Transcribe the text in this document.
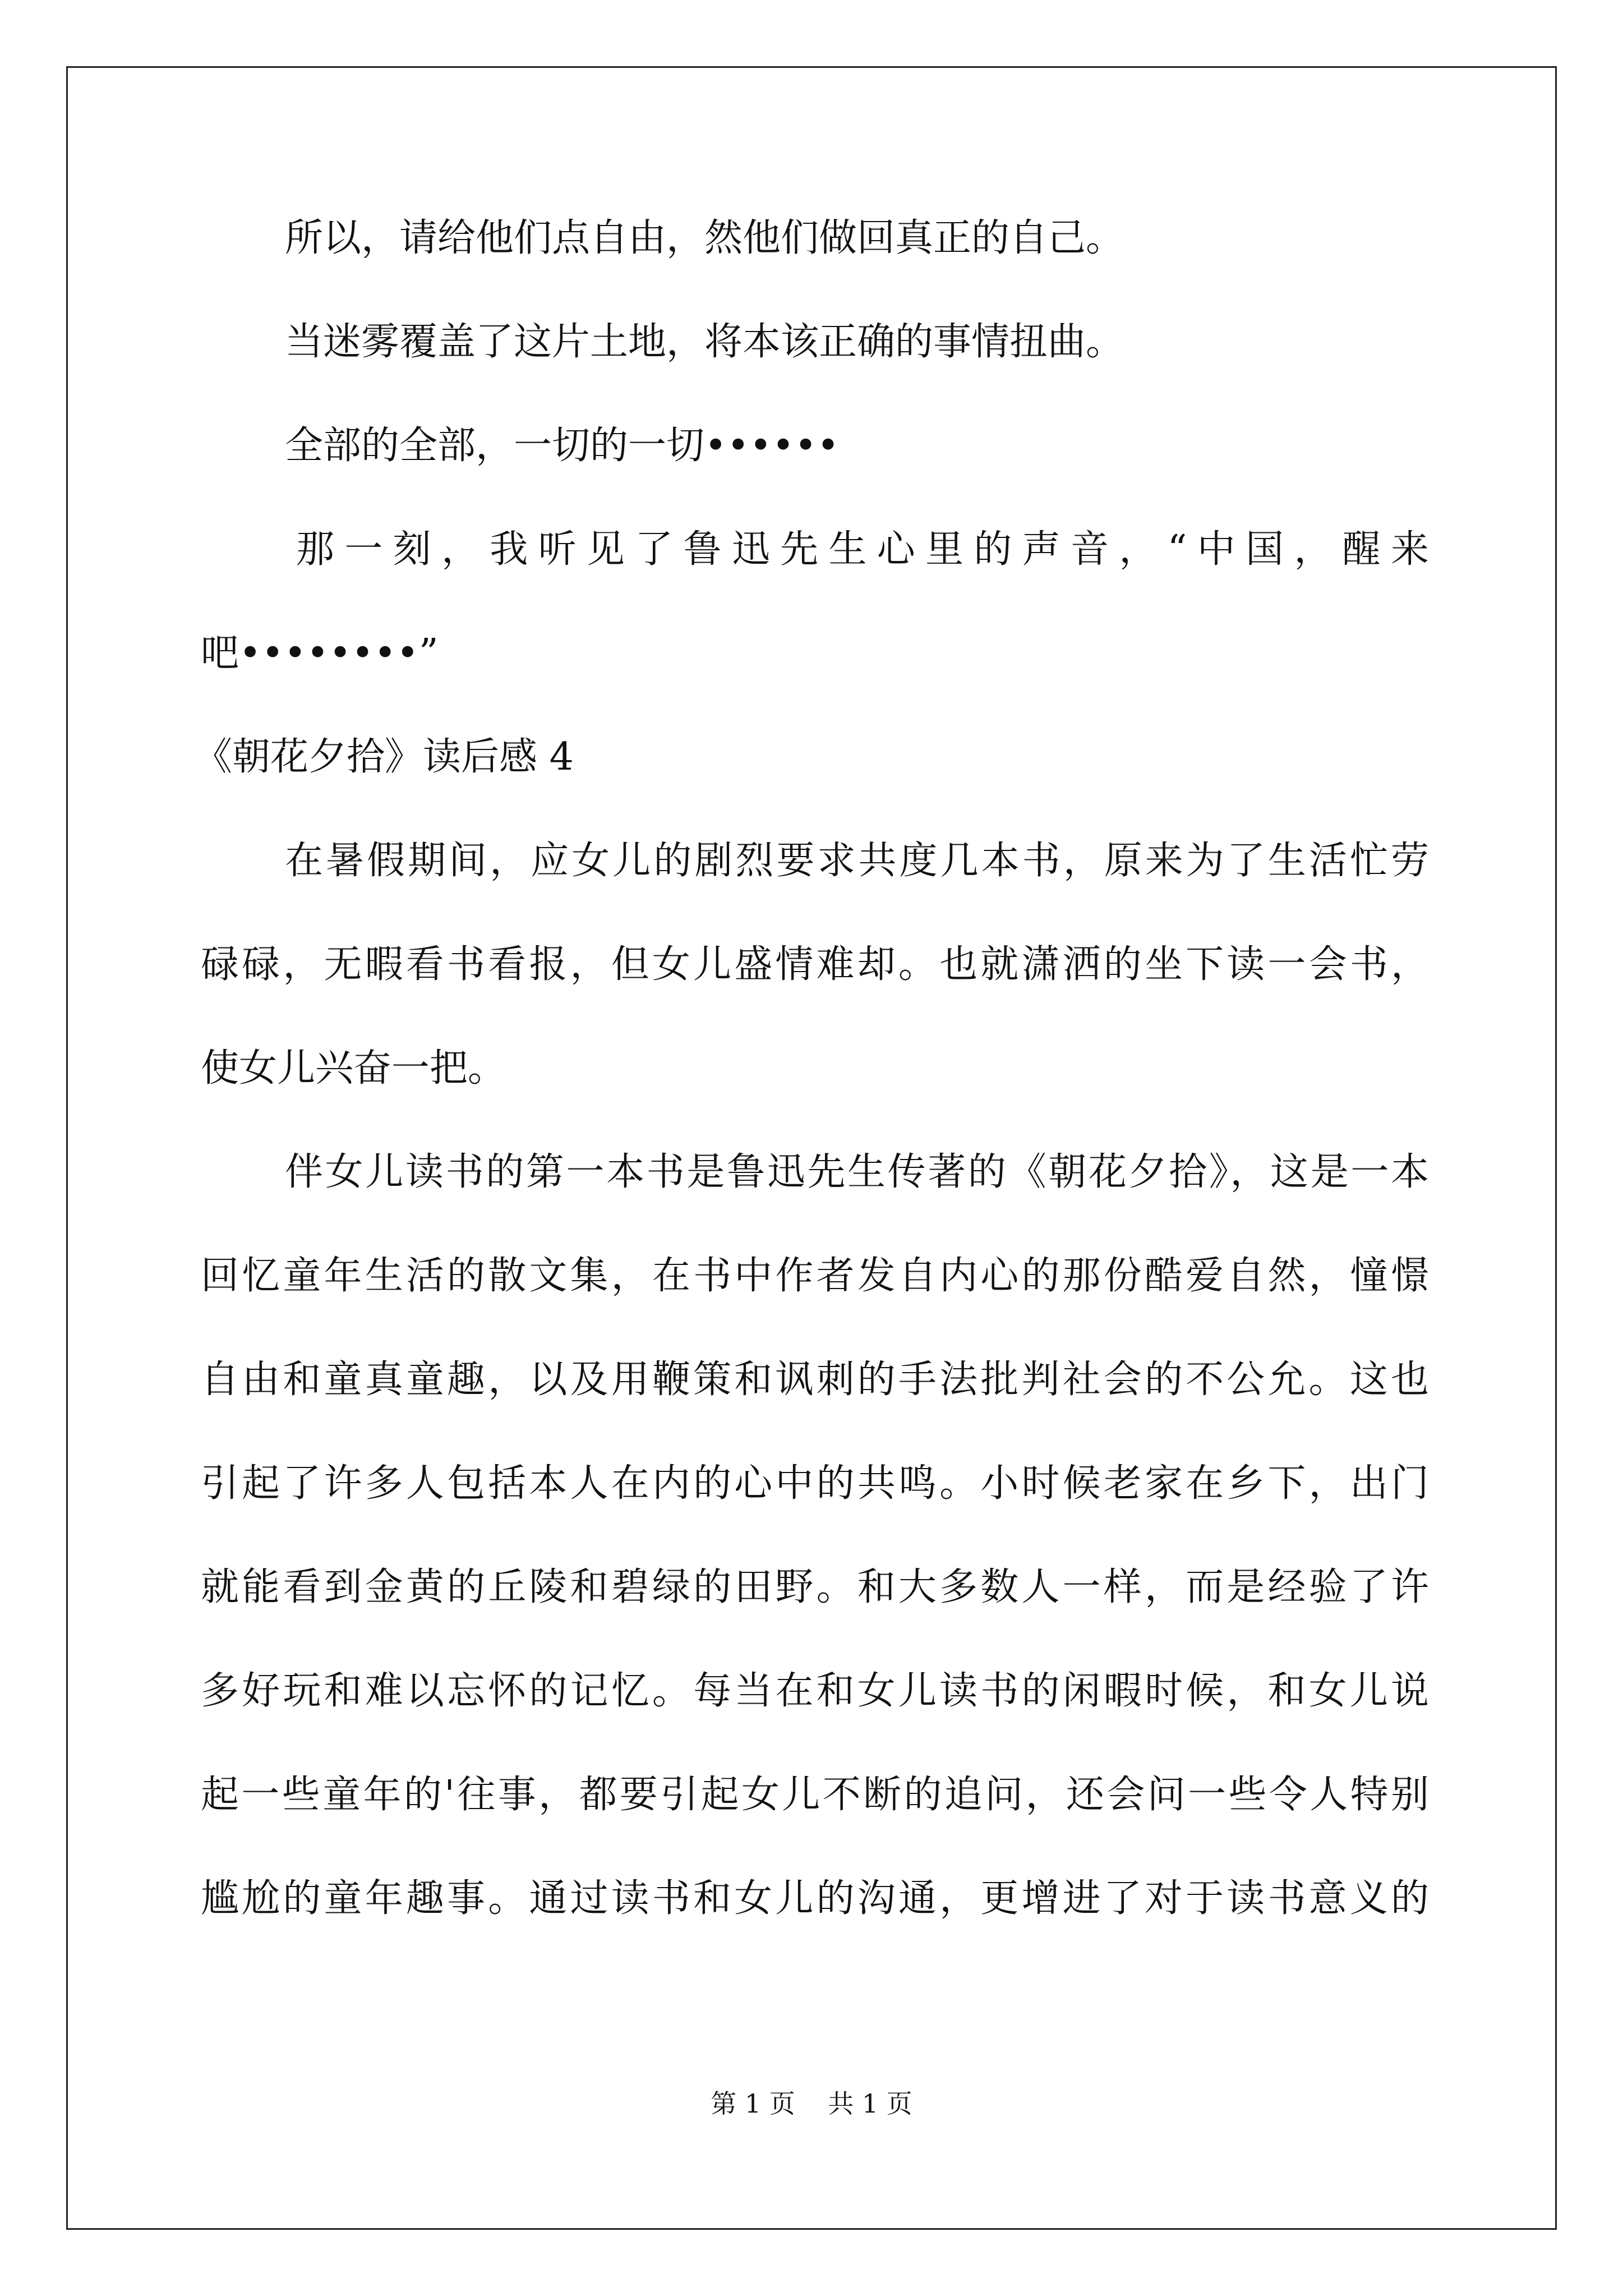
所以，请给他们点自由，然他们做回真正的自己。
当迷雾覆盖了这片土地，将本该正确的事情扭曲。
全部的全部，一切的一切••••••
那一刻，我听见了鲁迅先生心里的声音，“中国，醒来
吧••••••••”
《朝花夕拾》读后感 4
在暑假期间，应女儿的剧烈要求共度几本书，原来为了生活忙劳
碌碌，无暇看书看报，但女儿盛情难却。也就潇洒的坐下读一会书，
使女儿兴奋一把。
伴女儿读书的第一本书是鲁迅先生传著的《朝花夕拾》，这是一本
回忆童年生活的散文集，在书中作者发自内心的那份酷爱自然，憧憬
自由和童真童趣，以及用鞭策和讽刺的手法批判社会的不公允。这也
引起了许多人包括本人在内的心中的共鸣。小时候老家在乡下，出门
就能看到金黄的丘陵和碧绿的田野。和大多数人一样，而是经验了许
多好玩和难以忘怀的记忆。每当在和女儿读书的闲暇时候，和女儿说
起一些童年的'往事，都要引起女儿不断的追问，还会问一些令人特别
尴尬的童年趣事。通过读书和女儿的沟通，更增进了对于读书意义的
第 1 页    共 1 页
